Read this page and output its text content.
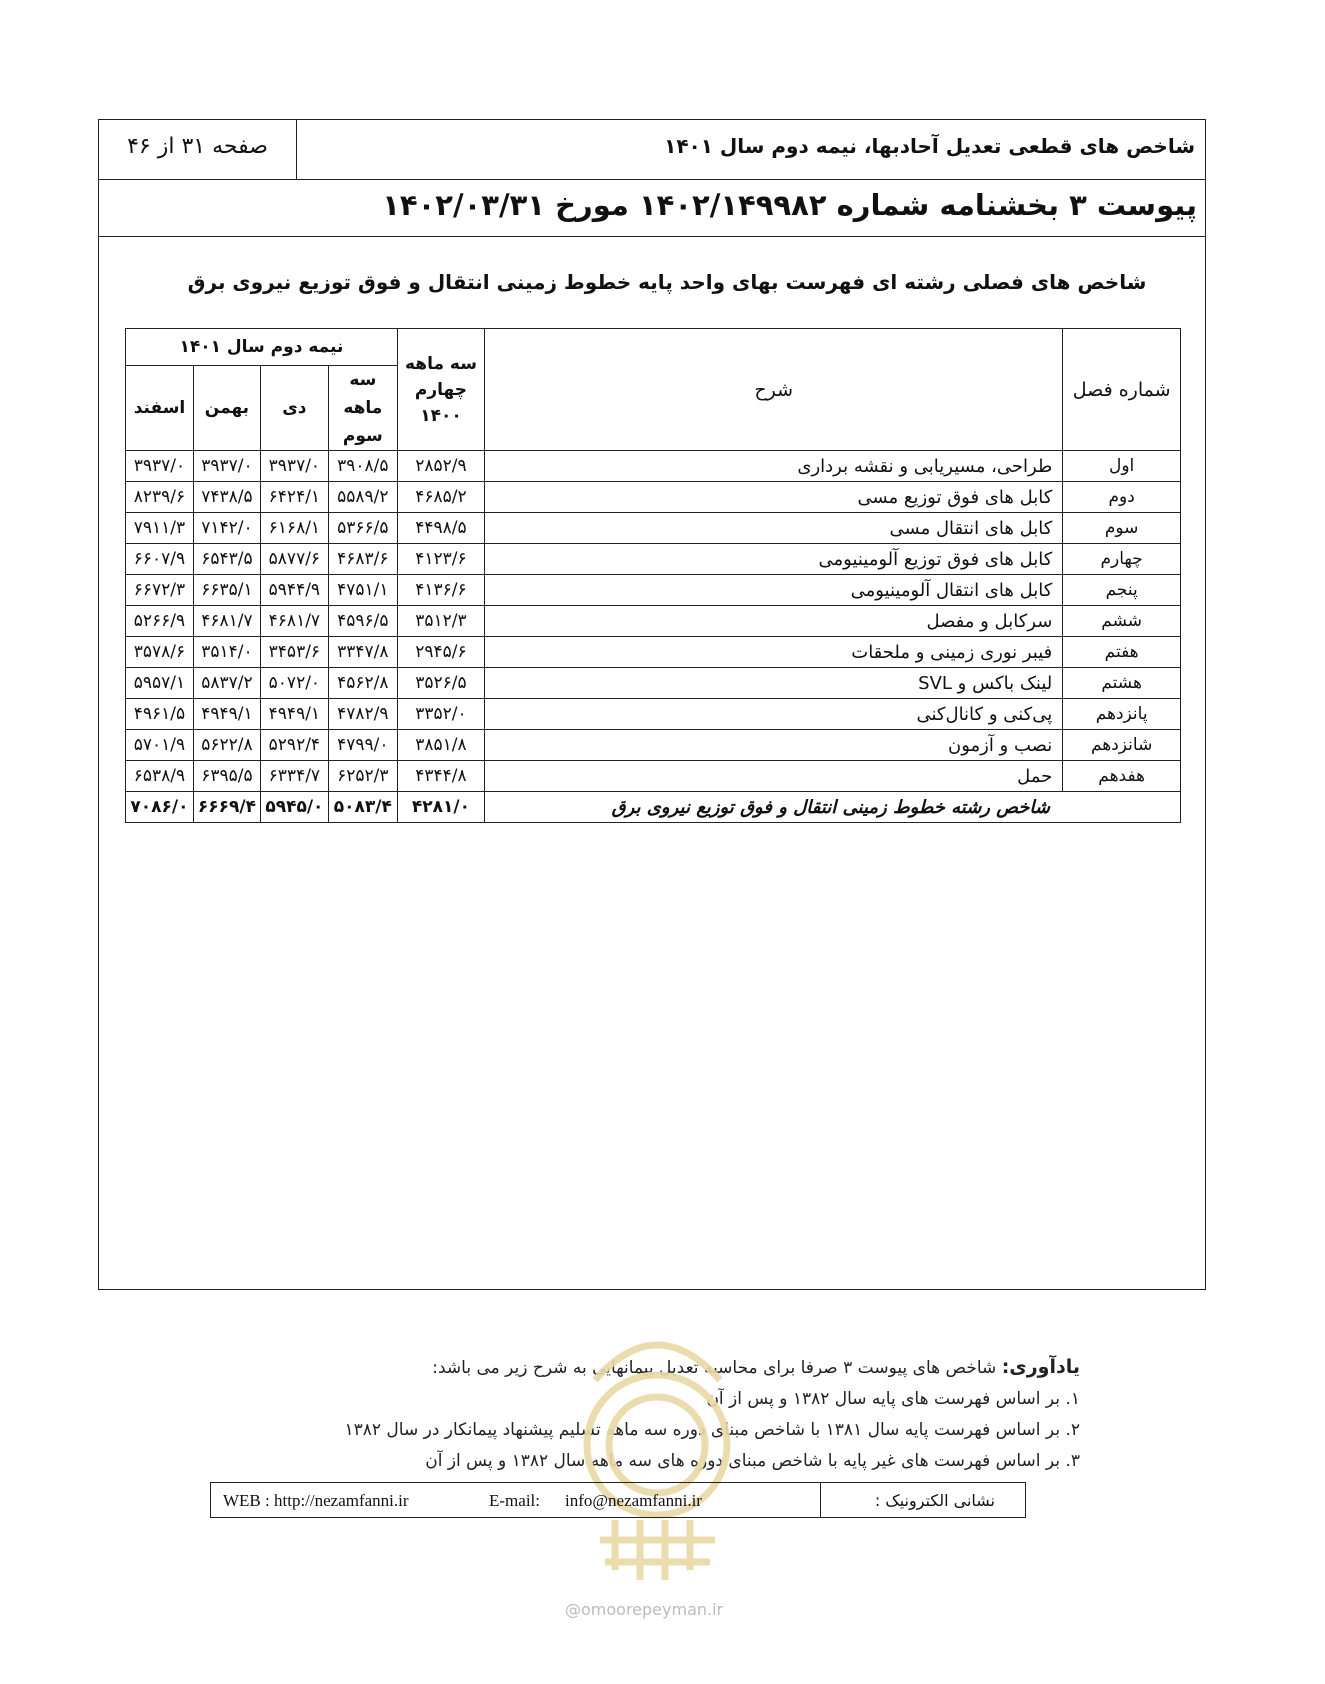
شاخص های قطعی تعدیل آحادبها، نیمه دوم سال ۱۴۰۱
صفحه ۳۱ از ۴۶
پیوست ۳ بخشنامه شماره ۱۴۰۲/۱۴۹۹۸۲ مورخ ۱۴۰۲/۰۳/۳۱
شاخص های فصلی رشته ای فهرست بهای واحد پایه خطوط زمینی انتقال و فوق توزیع نیروی برق
نیمه دوم سال ۱۴۰۱				سه ماهه چهارم ۱۴۰۰	شرح	شماره فصل
اسفند	بهمن	دی	سه ماهه سوم			
۳۹۳۷/۰	۳۹۳۷/۰	۳۹۳۷/۰	۳۹۰۸/۵	۲۸۵۲/۹	طراحی، مسیریابی و نقشه برداری	اول
۸۲۳۹/۶	۷۴۳۸/۵	۶۴۲۴/۱	۵۵۸۹/۲	۴۶۸۵/۲	کابل های فوق توزیع مسی	دوم
۷۹۱۱/۳	۷۱۴۲/۰	۶۱۶۸/۱	۵۳۶۶/۵	۴۴۹۸/۵	کابل های انتقال مسی	سوم
۶۶۰۷/۹	۶۵۴۳/۵	۵۸۷۷/۶	۴۶۸۳/۶	۴۱۲۳/۶	کابل های فوق توزیع آلومینیومی	چهارم
۶۶۷۲/۳	۶۶۳۵/۱	۵۹۴۴/۹	۴۷۵۱/۱	۴۱۳۶/۶	کابل های انتقال آلومینیومی	پنجم
۵۲۶۶/۹	۴۶۸۱/۷	۴۶۸۱/۷	۴۵۹۶/۵	۳۵۱۲/۳	سرکابل و مفصل	ششم
۳۵۷۸/۶	۳۵۱۴/۰	۳۴۵۳/۶	۳۳۴۷/۸	۲۹۴۵/۶	فیبر نوری زمینی و ملحقات	هفتم
۵۹۵۷/۱	۵۸۳۷/۲	۵۰۷۲/۰	۴۵۶۲/۸	۳۵۲۶/۵	لینک باکس و SVL	هشتم
۴۹۶۱/۵	۴۹۴۹/۱	۴۹۴۹/۱	۴۷۸۲/۹	۳۳۵۲/۰	پی‌کنی و کانال‌کنی	پانزدهم
۵۷۰۱/۹	۵۶۲۲/۸	۵۲۹۲/۴	۴۷۹۹/۰	۳۸۵۱/۸	نصب و آزمون	شانزدهم
۶۵۳۸/۹	۶۳۹۵/۵	۶۳۳۴/۷	۶۲۵۲/۳	۴۳۴۴/۸	حمل	هفدهم
۷۰۸۶/۰	۶۶۶۹/۴	۵۹۴۵/۰	۵۰۸۳/۴	۴۲۸۱/۰	شاخص رشته خطوط زمینی انتقال و فوق توزیع نیروی برق	
یادآوری: شاخص های پیوست ۳ صرفا برای محاسبه تعدیل پیمانهایی به شرح زیر می باشد:
۱. بر اساس فهرست های پایه سال ۱۳۸۲ و پس از آن
۲. بر اساس فهرست پایه سال ۱۳۸۱ با شاخص مبنای دوره سه ماهه تسلیم پیشنهاد پیمانکار در سال ۱۳۸۲
۳. بر اساس فهرست های غیر پایه با شاخص مبنای دوره های سه ماهه سال ۱۳۸۲ و پس از آن
نشانی الکترونیک :
WEB : http://nezamfanni.ir	E-mail: info@nezamfanni.ir
@omoorepeyman.ir
